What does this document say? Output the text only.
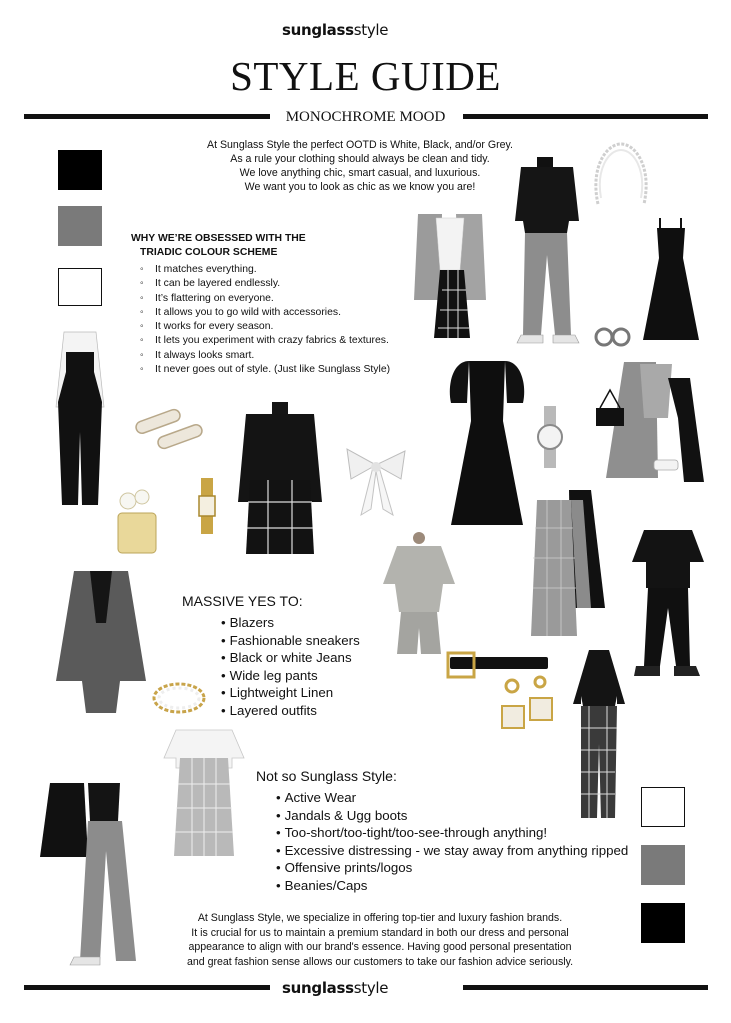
sunglassstyle
STYLE GUIDE
MONOCHROME MOOD
At Sunglass Style the perfect OOTD is White, Black, and/or Grey.
As a rule your clothing should always be clean and tidy.
We love anything chic, smart casual, and luxurious.
We want you to look as chic as we know you are!
WHY WE’RE OBSESSED WITH THE
TRIADIC COLOUR SCHEME
◦ It matches everything.
◦ It can be layered endlessly.
◦ It’s flattering on everyone.
◦ It allows you to go wild with accessories.
◦ It works for every season.
◦ It lets you experiment with crazy fabrics & textures.
◦ It always looks smart.
◦ It never goes out of style. (Just like Sunglass Style)
MASSIVE YES TO:
• Blazers
• Fashionable sneakers
• Black or white Jeans
• Wide leg pants
• Lightweight Linen
• Layered outfits
Not so Sunglass Style:
• Active Wear
• Jandals & Ugg boots
• Too-short/too-tight/too-see-through anything!
• Excessive distressing - we stay away from anything ripped
• Offensive prints/logos
• Beanies/Caps
At Sunglass Style, we specialize in offering top-tier and luxury fashion brands.
It is crucial for us to maintain a premium standard in both our dress and personal
appearance to align with our brand's essence. Having good personal presentation
and great fashion sense allows our customers to take our fashion advice seriously.
sunglassstyle
